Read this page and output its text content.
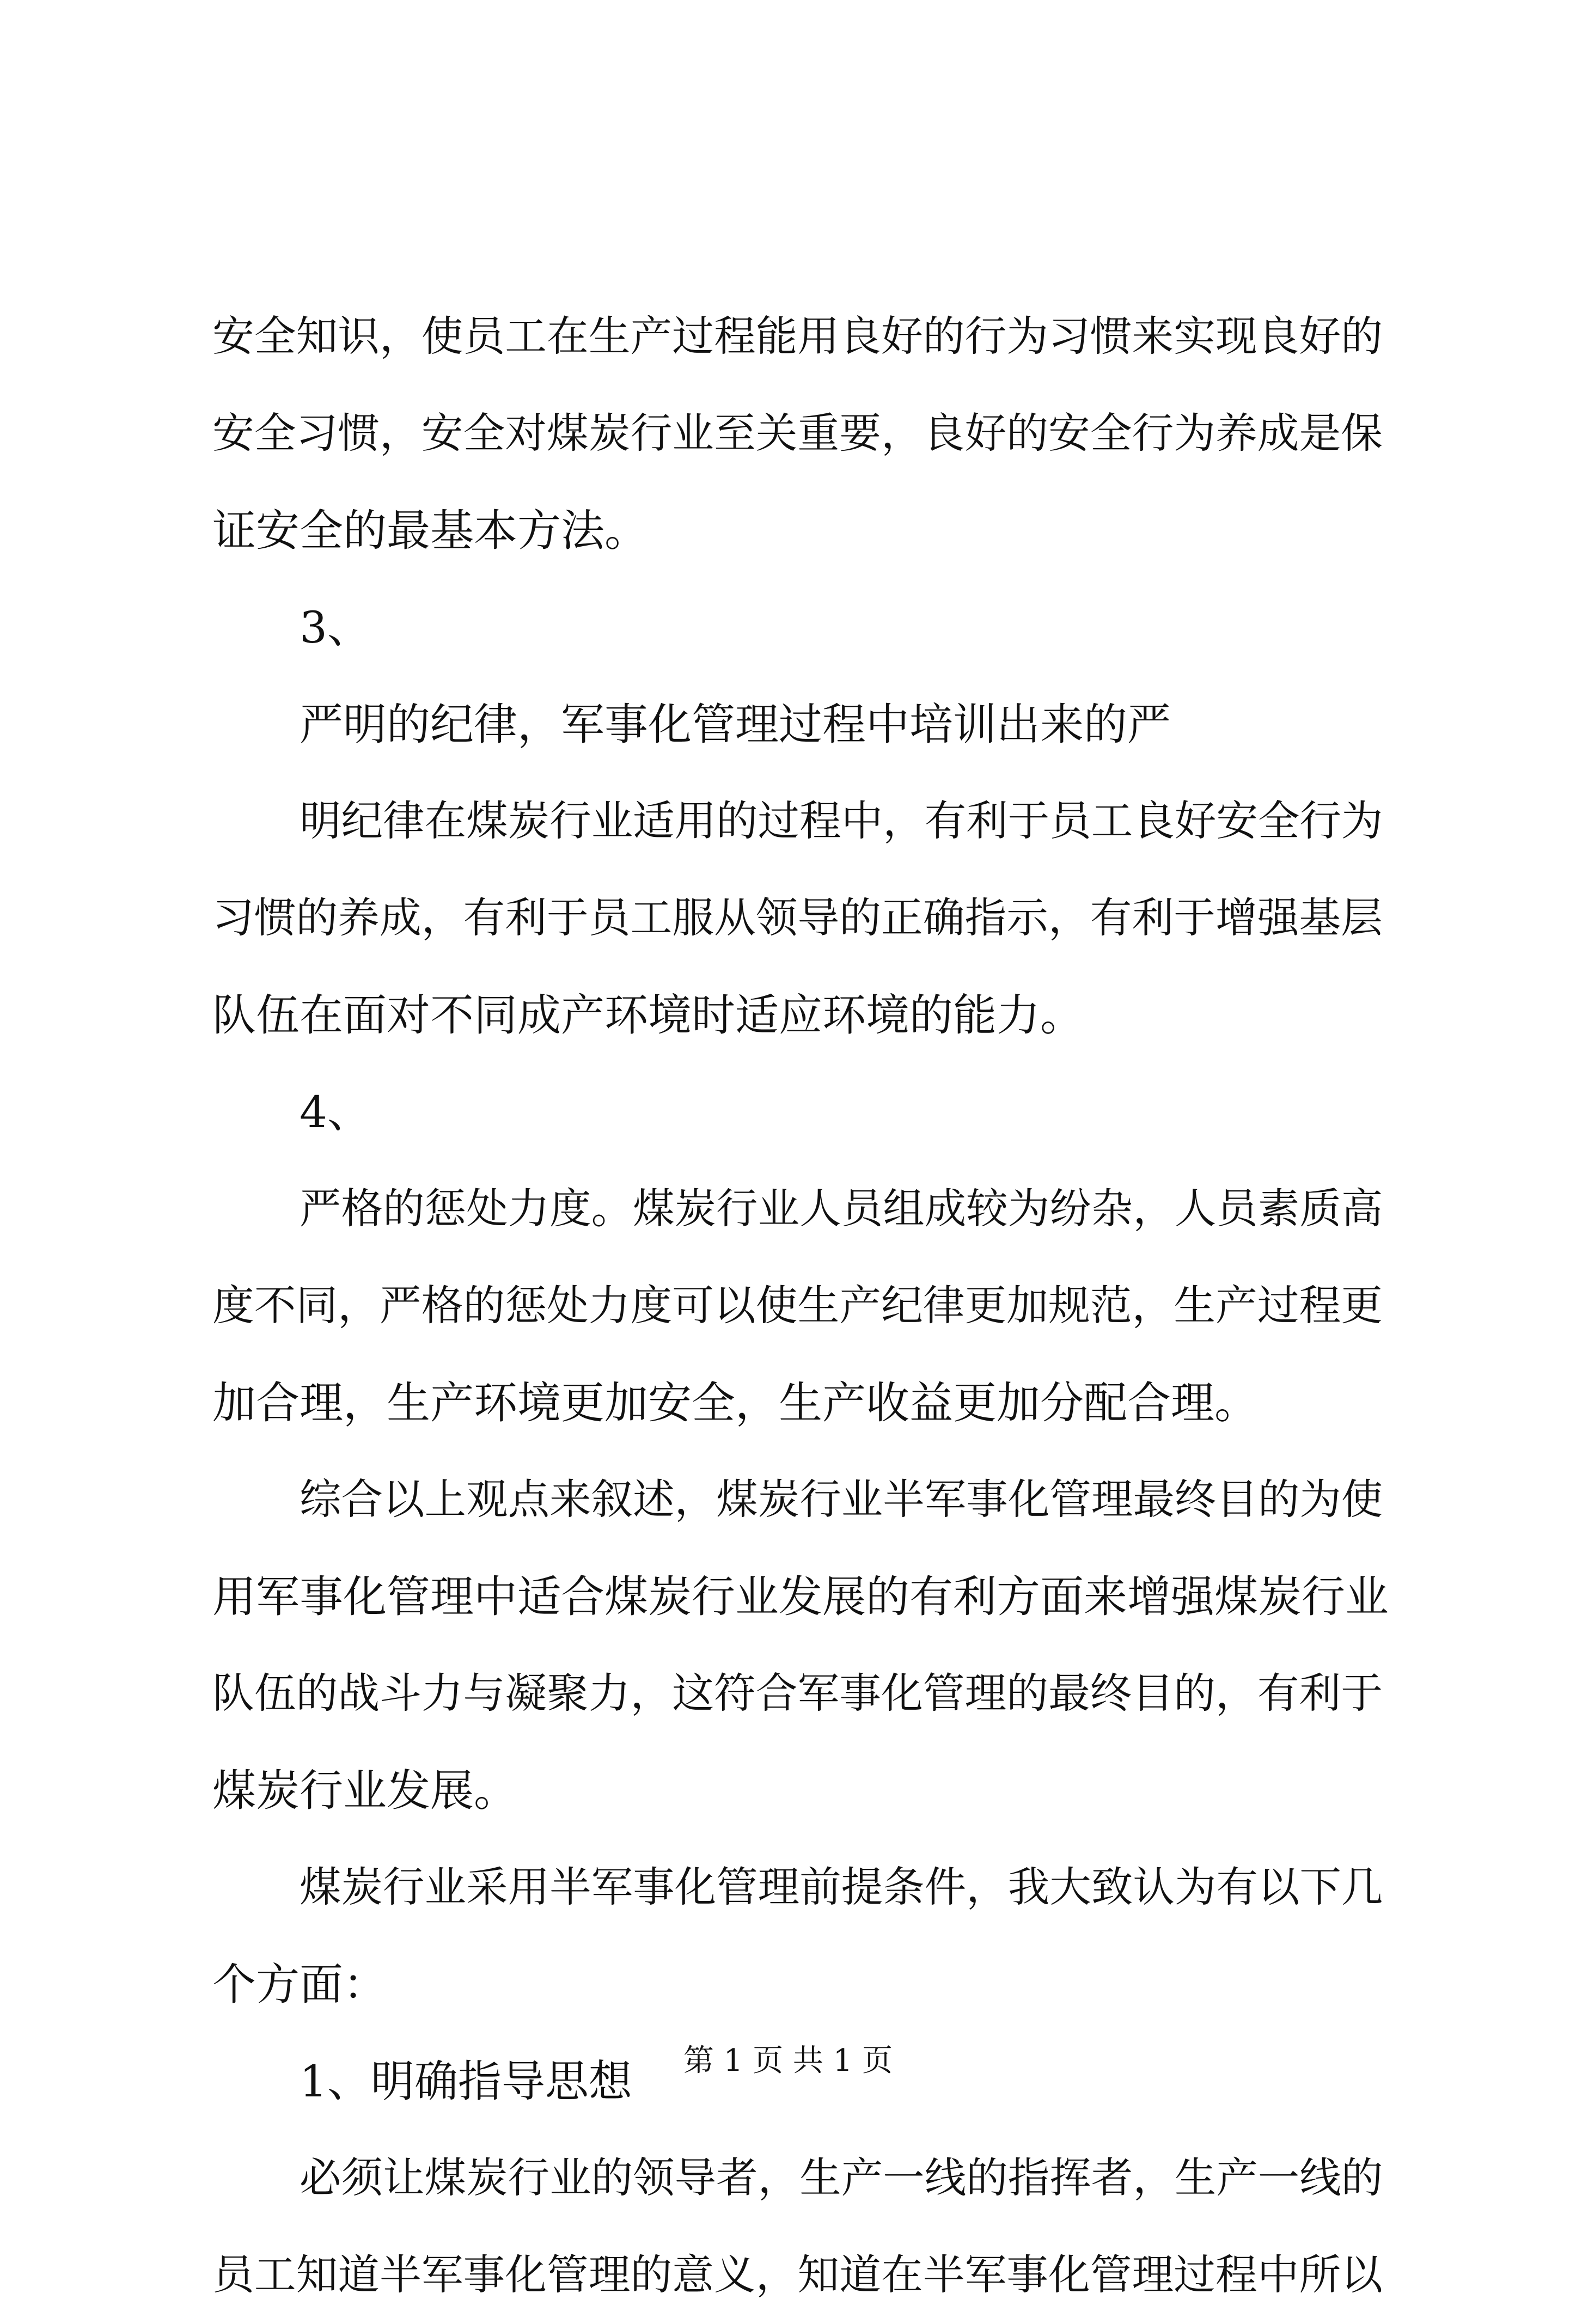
安全知识，使员工在生产过程能用良好的行为习惯来实现良好的
安全习惯，安全对煤炭行业至关重要，良好的安全行为养成是保
证安全的最基本方法。
3、
严明的纪律，军事化管理过程中培训出来的严
明纪律在煤炭行业适用的过程中，有利于员工良好安全行为
习惯的养成，有利于员工服从领导的正确指示，有利于增强基层
队伍在面对不同成产环境时适应环境的能力。
4、
严格的惩处力度。煤炭行业人员组成较为纷杂，人员素质高
度不同，严格的惩处力度可以使生产纪律更加规范，生产过程更
加合理，生产环境更加安全，生产收益更加分配合理。
综合以上观点来叙述，煤炭行业半军事化管理最终目的为使
用军事化管理中适合煤炭行业发展的有利方面来增强煤炭行业
队伍的战斗力与凝聚力，这符合军事化管理的最终目的，有利于
煤炭行业发展。
煤炭行业采用半军事化管理前提条件，我大致认为有以下几
个方面：
1、明确指导思想
必须让煤炭行业的领导者，生产一线的指挥者，生产一线的
员工知道半军事化管理的意义，知道在半军事化管理过程中所以
第 1 页 共 1 页
